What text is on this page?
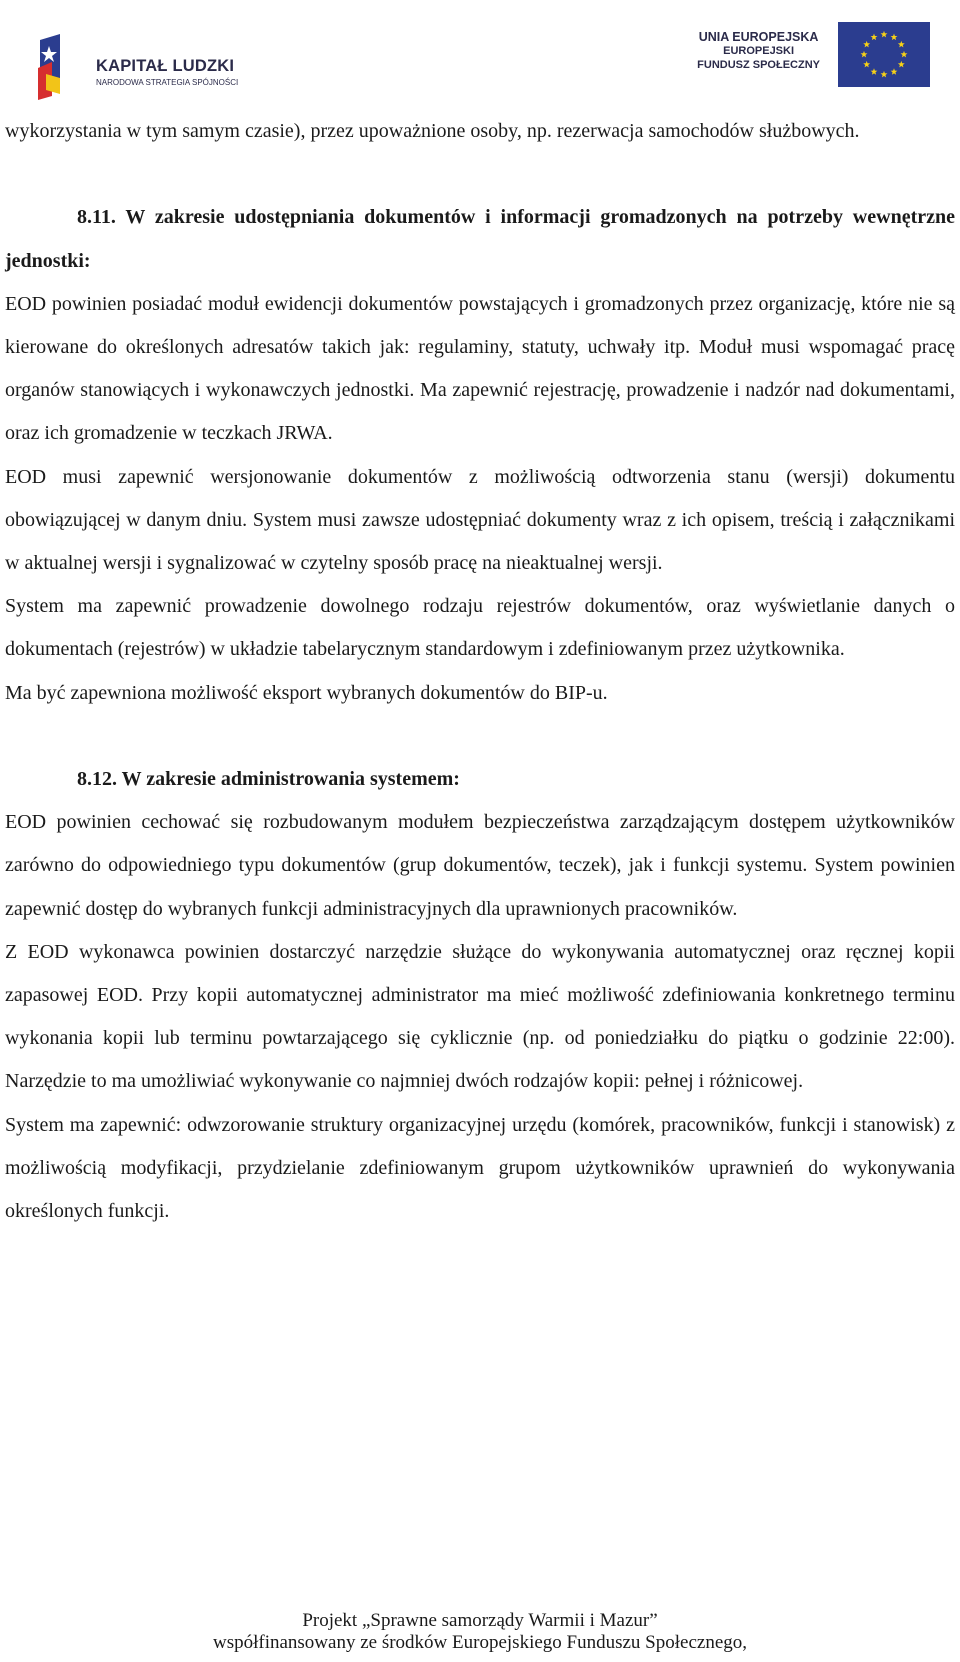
KAPITAŁ LUDZKI
NARODOWA STRATEGIA SPÓJNOŚCI
UNIA EUROPEJSKA
EUROPEJSKI
FUNDUSZ SPOŁECZNY

wykorzystania w tym samym czasie), przez upoważnione osoby, np. rezerwacja samochodów służbowych.

8.11. W zakresie udostępniania dokumentów i informacji gromadzonych na potrzeby wewnętrzne jednostki:

EOD powinien posiadać moduł ewidencji dokumentów powstających i gromadzonych przez organizację, które nie są kierowane do określonych adresatów takich jak: regulaminy, statuty, uchwały itp. Moduł musi wspomagać pracę organów stanowiących i wykonawczych jednostki. Ma zapewnić rejestrację, prowadzenie i nadzór nad dokumentami, oraz ich gromadzenie w teczkach JRWA.

EOD musi zapewnić wersjonowanie dokumentów z możliwością odtworzenia stanu (wersji) dokumentu obowiązującej w danym dniu. System musi zawsze udostępniać dokumenty wraz z ich opisem, treścią i załącznikami w aktualnej wersji i sygnalizować w czytelny sposób pracę na nieaktualnej wersji.

System ma zapewnić prowadzenie dowolnego rodzaju rejestrów dokumentów, oraz wyświetlanie danych o dokumentach (rejestrów) w układzie tabelarycznym standardowym i zdefiniowanym przez użytkownika.

Ma być zapewniona możliwość eksport wybranych dokumentów do BIP-u.

8.12. W zakresie administrowania systemem:

EOD powinien cechować się rozbudowanym modułem bezpieczeństwa zarządzającym dostępem użytkowników zarówno do odpowiedniego typu dokumentów (grup dokumentów, teczek), jak i funkcji systemu. System powinien zapewnić dostęp do wybranych funkcji administracyjnych dla uprawnionych pracowników.

Z EOD wykonawca powinien dostarczyć narzędzie służące do wykonywania automatycznej oraz ręcznej kopii zapasowej EOD. Przy kopii automatycznej administrator ma mieć możliwość zdefiniowania konkretnego terminu wykonania kopii lub terminu powtarzającego się cyklicznie (np. od poniedziałku do piątku o godzinie 22:00). Narzędzie to ma umożliwiać wykonywanie co najmniej dwóch rodzajów kopii: pełnej i różnicowej.

System ma zapewnić: odwzorowanie struktury organizacyjnej urzędu (komórek, pracowników, funkcji i stanowisk) z możliwością modyfikacji, przydzielanie zdefiniowanym grupom użytkowników uprawnień do wykonywania określonych funkcji.

Projekt „Sprawne samorządy Warmii i Mazur”
współfinansowany ze środków Europejskiego Funduszu Społecznego,
